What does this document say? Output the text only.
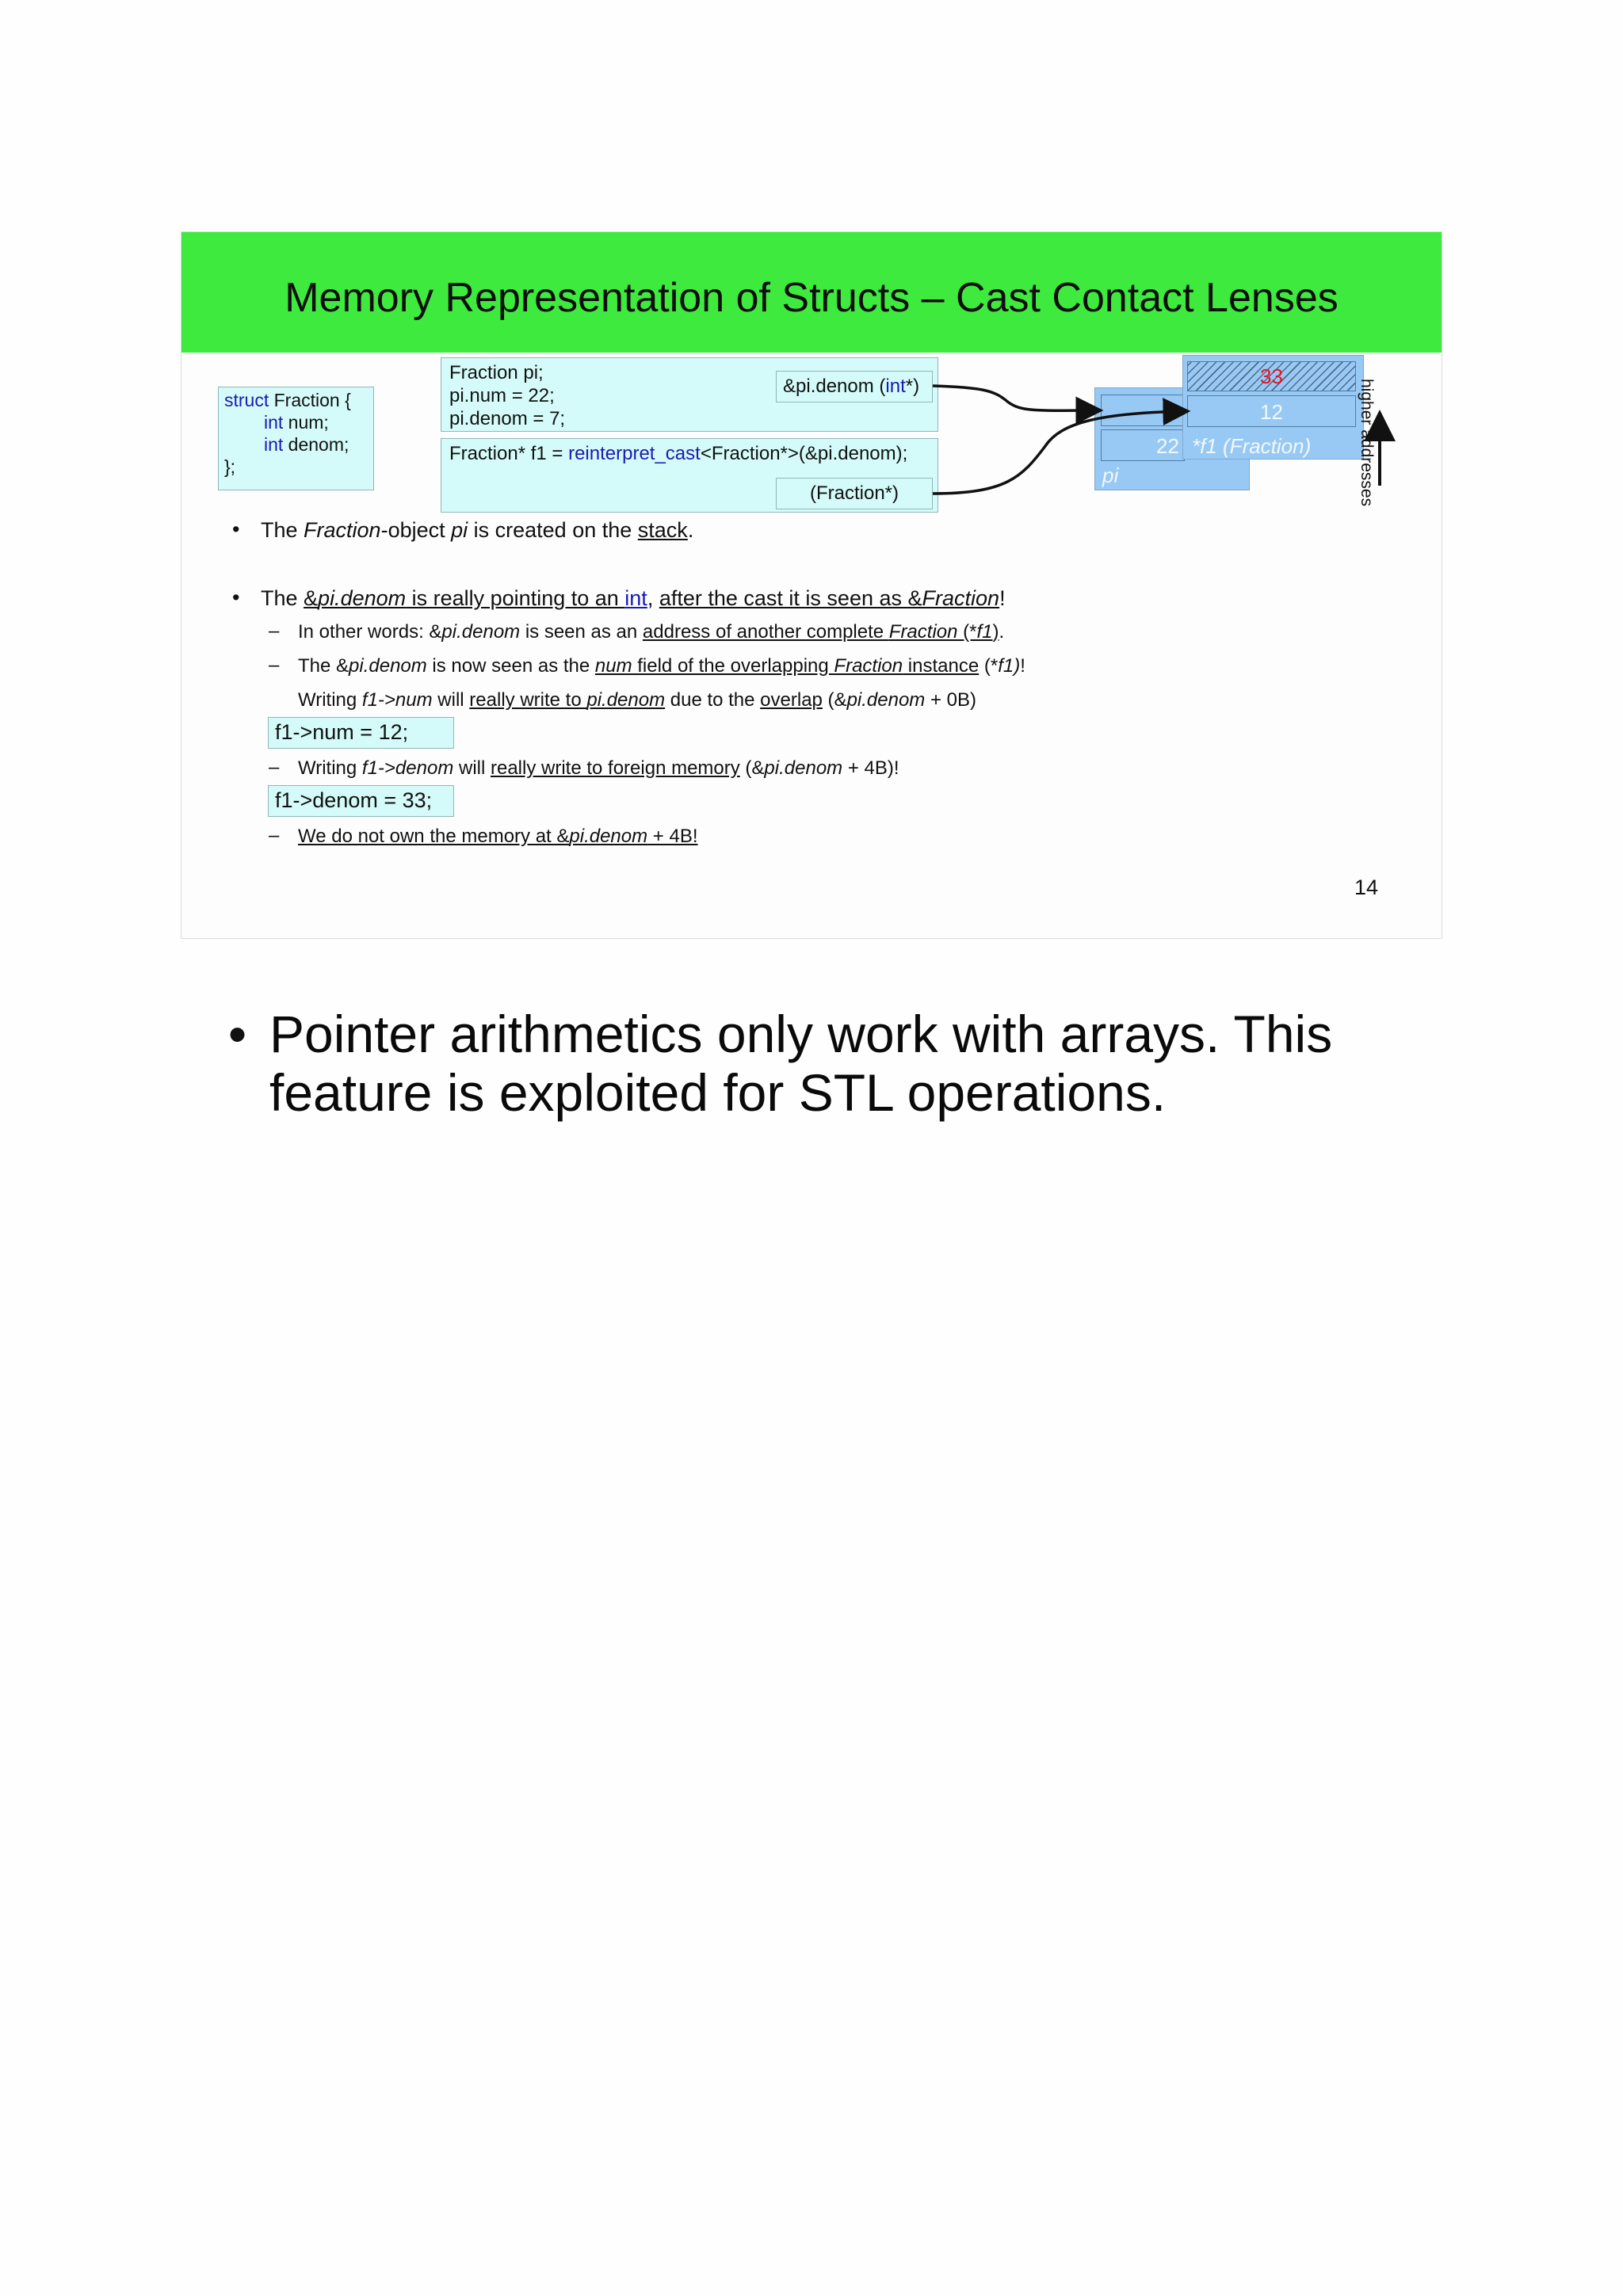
Memory Representation of Structs – Cast Contact Lenses
struct Fraction {
int num;
int denom;
};
Fraction pi;
pi.num = 22;
pi.denom = 7;
Fraction* f1 = reinterpret_cast<Fraction*>(&pi.denom);
&pi.denom (int*)
(Fraction*)
33
12
22 *f1 (Fraction)
pi	higher addresses
• The Fraction-object pi is created on the stack.
• The &pi.denom is really pointing to an int, after the cast it is seen as &Fraction!
– In other words: &pi.denom is seen as an address of another complete Fraction (*f1).
– The &pi.denom is now seen as the num field of the overlapping Fraction instance (*f1)!
Writing f1->num will really write to pi.denom due to the overlap (&pi.denom + 0B)
f1->num = 12;
– Writing f1->denom will really write to foreign memory (&pi.denom + 4B)!
f1->denom = 33;
– We do not own the memory at &pi.denom + 4B!
14
• Pointer arithmetics only work with arrays. This feature is exploited for STL operations.
